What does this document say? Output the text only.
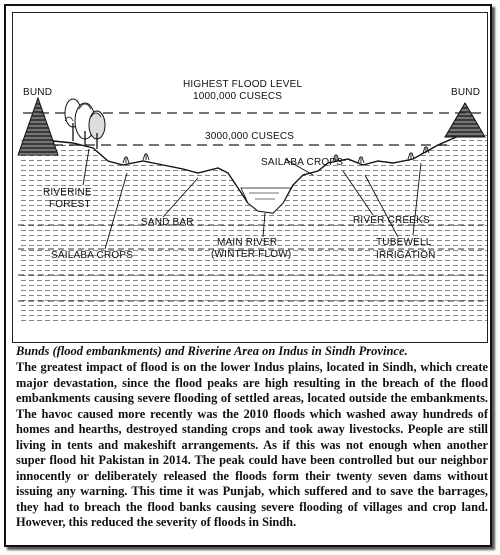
BUND	BUND
HIGHEST FLOOD LEVEL
1000,000 CUSECS
3000,000 CUSECS
SAILABA CROPS
RIVERINE
FOREST
SAND BAR	RIVER CREEKS
SAILABA CROPS
MAIN RIVER
(WINTER FLOW)
TUBEWELL
IRRIGATION
Bunds (flood embankments) and Riverine Area on Indus in Sindh Province.
The greatest impact of flood is on the lower Indus plains, located in Sindh, which create major devastation, since the flood peaks are high resulting in the breach of the flood embankments causing severe flooding of settled areas, located outside the embankments. The havoc caused more recently was the 2010 floods which washed away hundreds of homes and hearths, destroyed standing crops and took away livestocks. People are still living in tents and makeshift arrangements. As if this was not enough when another super flood hit Pakistan in 2014. The peak could have been controlled but our neighbor innocently or deliberately released the floods form their twenty seven dams without issuing any warning. This time it was Punjab, which suffered and to save the barrages, they had to breach the flood banks causing severe flooding of villages and crop land. However, this reduced the severity of floods in Sindh.
